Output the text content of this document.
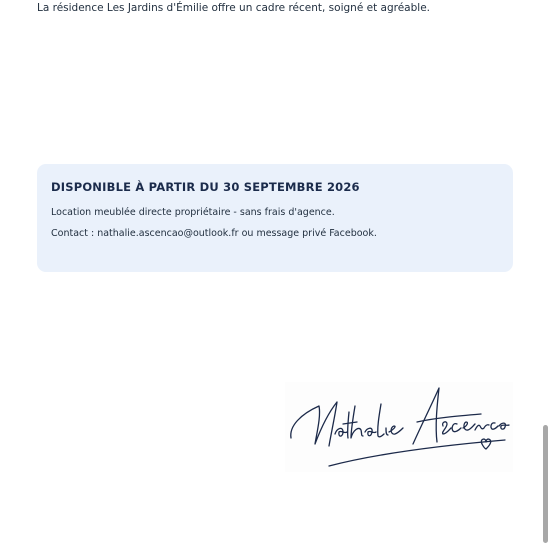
La résidence Les Jardins d'Émilie offre un cadre récent, soigné et agréable.

DISPONIBLE À PARTIR DU 30 SEPTEMBRE 2026

Location meublée directe propriétaire - sans frais d'agence.

Contact : nathalie.ascencao@outlook.fr ou message privé Facebook.
